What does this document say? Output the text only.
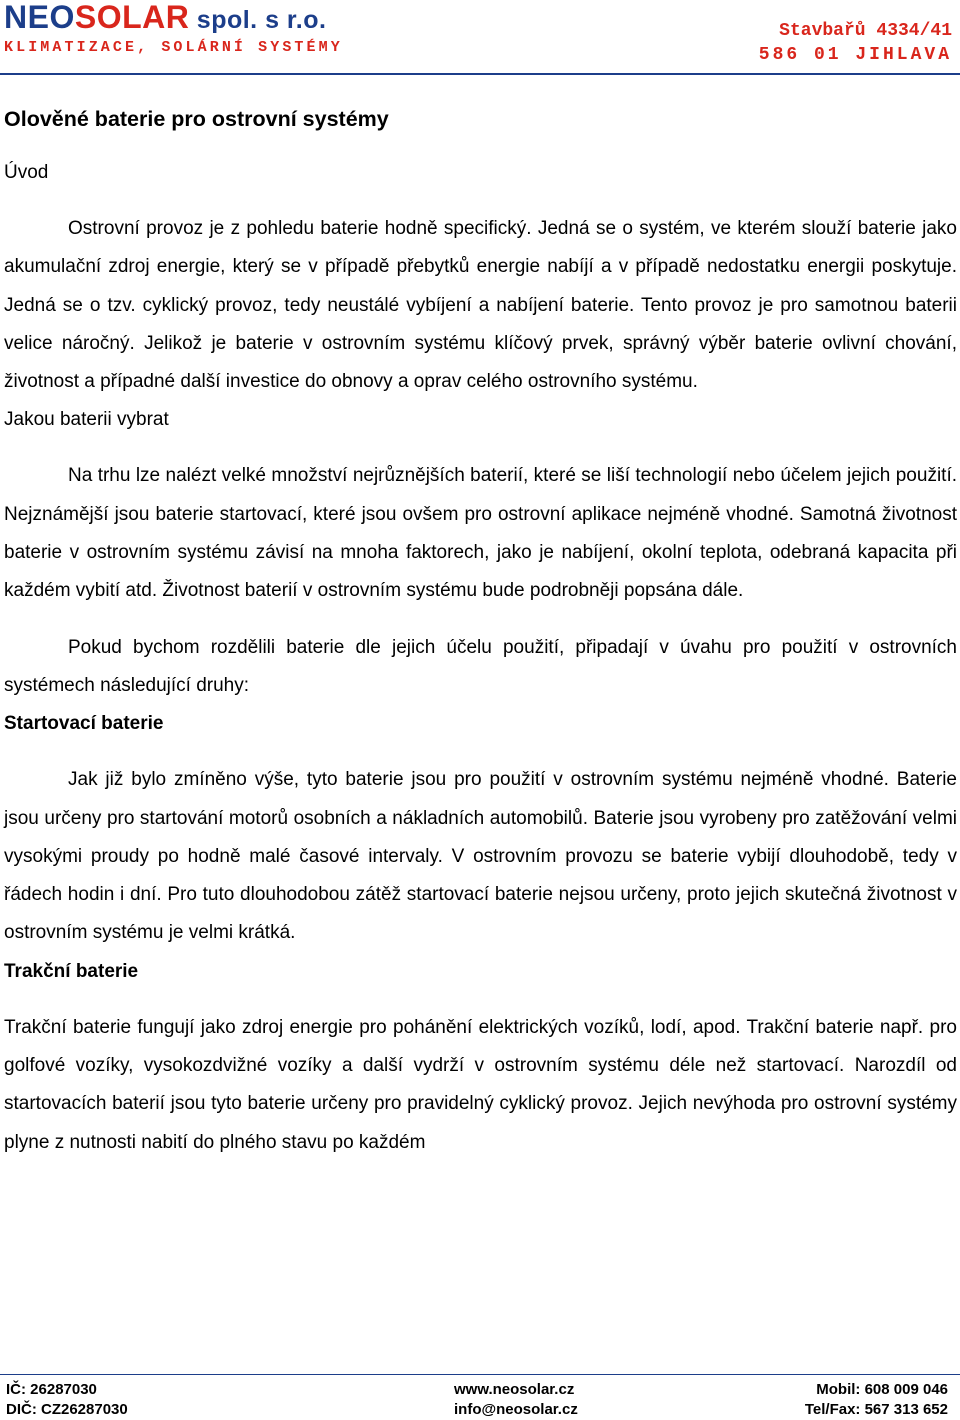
NEOSOLAR spol. s r.o.
KLIMATIZACE, SOLÁRNÍ SYSTÉMY
Stavbařů 4334/41
586 01 JIHLAVA
Olověné baterie pro ostrovní systémy
Úvod

Ostrovní provoz je z pohledu baterie hodně specifický. Jedná se o systém, ve kterém slouží baterie jako akumulační zdroj energie, který se v případě přebytků energie nabíjí a v případě nedostatku energii poskytuje. Jedná se o tzv. cyklický provoz, tedy neustálé vybíjení a nabíjení baterie. Tento provoz je pro samotnou baterii velice náročný. Jelikož je baterie v ostrovním systému klíčový prvek, správný výběr baterie ovlivní chování, životnost a případné další investice do obnovy a oprav celého ostrovního systému.

Jakou baterii vybrat

Na trhu lze nalézt velké množství nejrůznějších baterií, které se liší technologií nebo účelem jejich použití. Nejznámější jsou baterie startovací, které jsou ovšem pro ostrovní aplikace nejméně vhodné. Samotná životnost baterie v ostrovním systému závisí na mnoha faktorech, jako je nabíjení, okolní teplota, odebraná kapacita při každém vybití atd. Životnost baterií v ostrovním systému bude podrobněji popsána dále.

Pokud bychom rozdělili baterie dle jejich účelu použití, připadají v úvahu pro použití v ostrovních systémech následující druhy:

Startovací baterie

Jak již bylo zmíněno výše, tyto baterie jsou pro použití v ostrovním systému nejméně vhodné. Baterie jsou určeny pro startování motorů osobních a nákladních automobilů. Baterie jsou vyrobeny pro zatěžování velmi vysokými proudy po hodně malé časové intervaly. V ostrovním provozu se baterie vybijí dlouhodobě, tedy v řádech hodin i dní. Pro tuto dlouhodobou zátěž startovací baterie nejsou určeny, proto jejich skutečná životnost v ostrovním systému je velmi krátká.

Trakční baterie

Trakční baterie fungují jako zdroj energie pro pohánění elektrických vozíků, lodí, apod. Trakční baterie např. pro golfové vozíky, vysokozdvižné vozíky a další vydrží v ostrovním systému déle než startovací. Narozdíl od startovacích baterií jsou tyto baterie určeny pro pravidelný cyklický provoz. Jejich nevýhoda pro ostrovní systémy plyne z nutnosti nabití do plného stavu po každém

IČ: 26287030
DIČ: CZ26287030
www.neosolar.cz
info@neosolar.cz
Mobil: 608 009 046
Tel/Fax: 567 313 652
